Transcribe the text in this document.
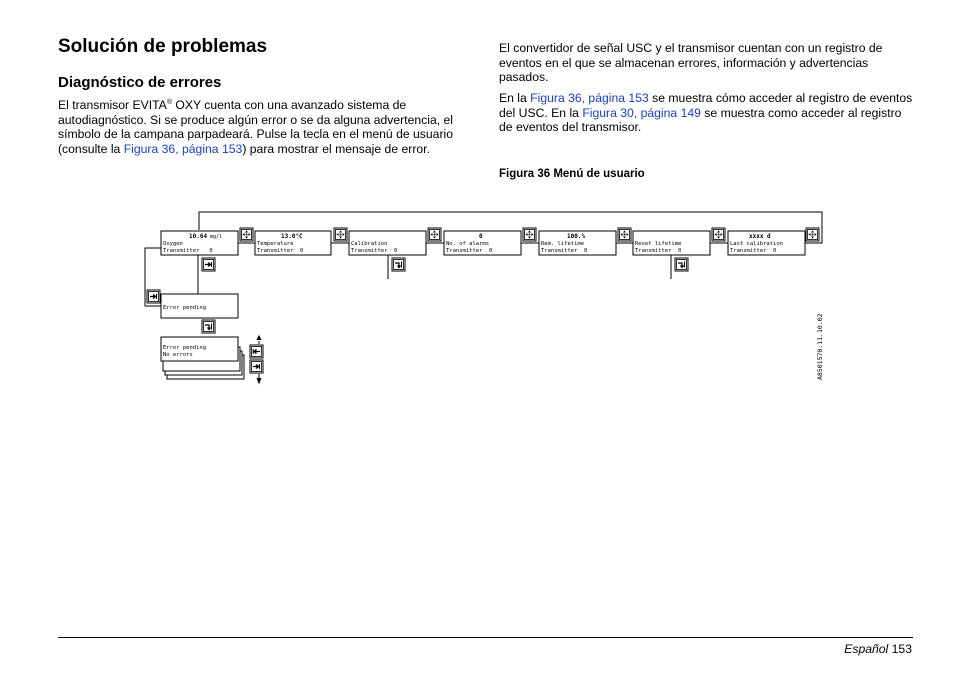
Solución de problemas
Diagnóstico de errores

El transmisor EVITA® OXY cuenta con una avanzado sistema de autodiagnóstico. Si se produce algún error o se da alguna advertencia, el símbolo de la campana parpadeará. Pulse la tecla en el menú de usuario (consulte la Figura 36, página 153) para mostrar el mensaje de error.

El convertidor de señal USC y el transmisor cuentan con un registro de eventos en el que se almacenan errores, información y advertencias pasados.

En la Figura 36, página 153 se muestra cómo acceder al registro de eventos del USC. En la Figura 30, página 149 se muestra como acceder al registro de eventos del transmisor.

Figura 36 Menú de usuario

10.64 mg/l
Oxygen
Transmitter   0
13.0°C
Temperature
Transmitter  0
Calibration
Transmitter  0
0
No. of alarms
Transmitter  0
100.%
Rem. lifetime
Transmitter  0
Reset lifetime
Transmitter  0
xxxx d
Last calibration
Transmitter  0
Error pending
Error pending
No errors	A8501570.11.10.02
Español 153
